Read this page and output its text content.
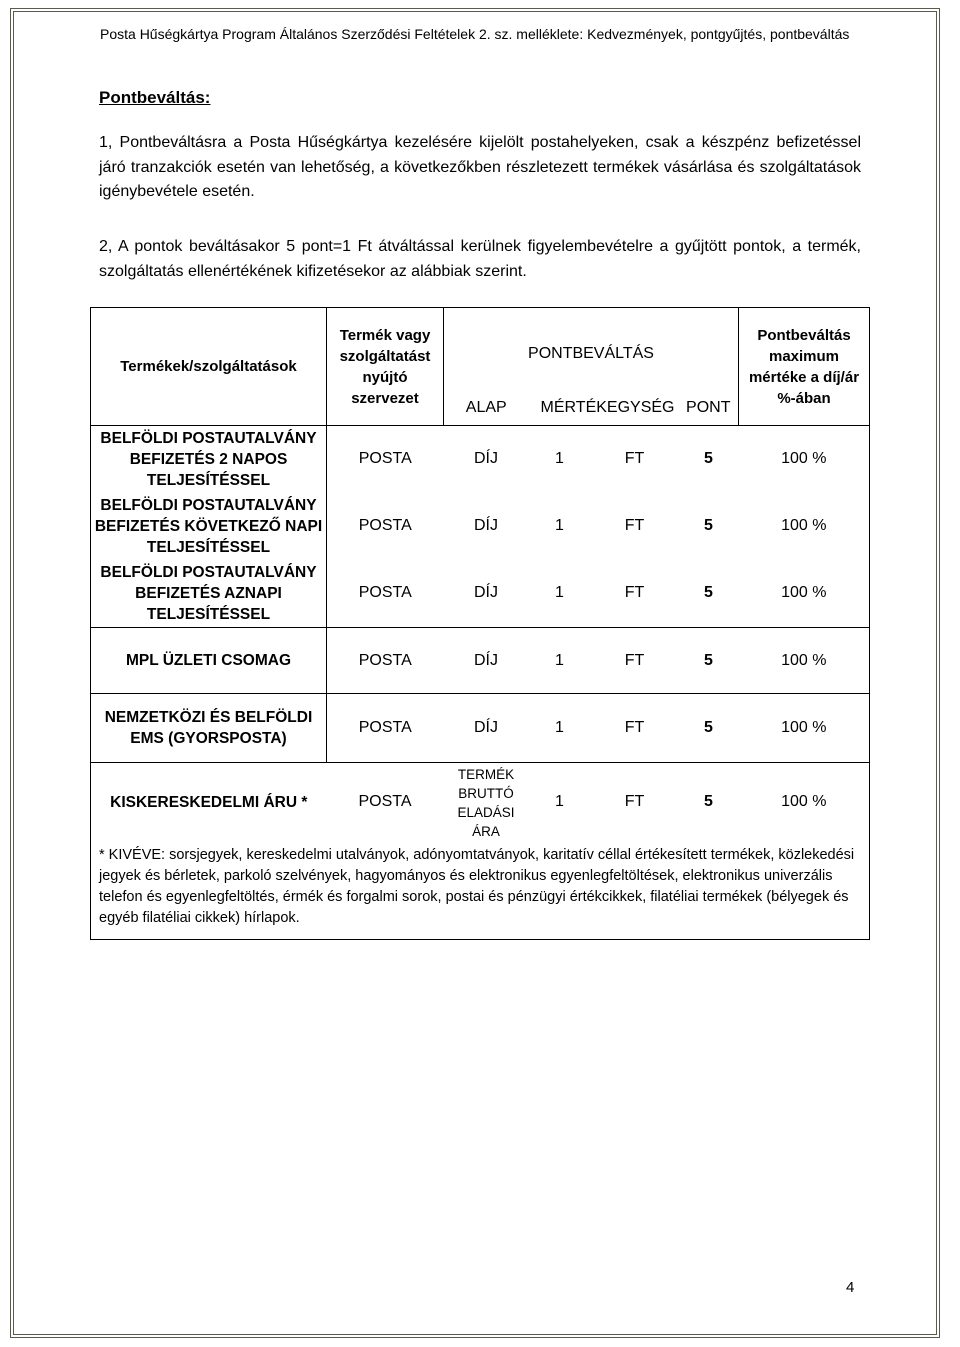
Posta Hűségkártya Program Általános Szerződési Feltételek 2. sz. melléklete: Kedvezmények, pontgyűjtés, pontbeváltás
Pontbeváltás:
1, Pontbeváltásra a Posta Hűségkártya kezelésére kijelölt postahelyeken, csak a készpénz befizetéssel járó tranzakciók esetén van lehetőség, a következőkben részletezett termékek vásárlása és szolgáltatások igénybevétele esetén.
2, A pontok beváltásakor 5 pont=1 Ft átváltással kerülnek figyelembevételre a gyűjtött pontok, a termék, szolgáltatás ellenértékének kifizetésekor az alábbiak szerint.
Termékek/szolgáltatások	Termék vagy szolgáltatást nyújtó szervezet	PONTBEVÁLTÁS				Pontbeváltás maximum mértéke a díj/ár %-ában
		ALAP	MÉRTÉKEGYSÉG		PONT	
BELFÖLDI POSTAUTALVÁNY BEFIZETÉS 2 NAPOS TELJESÍTÉSSEL	POSTA	DÍJ	1	FT	5	100 %
BELFÖLDI POSTAUTALVÁNY BEFIZETÉS KÖVETKEZŐ NAPI TELJESÍTÉSSEL	POSTA	DÍJ	1	FT	5	100 %
BELFÖLDI POSTAUTALVÁNY BEFIZETÉS AZNAPI TELJESÍTÉSSEL	POSTA	DÍJ	1	FT	5	100 %
MPL ÜZLETI CSOMAG	POSTA	DÍJ	1	FT	5	100 %
NEMZETKÖZI ÉS BELFÖLDI EMS (GYORSPOSTA)	POSTA	DÍJ	1	FT	5	100 %
KISKERESKEDELMI ÁRU *	POSTA	TERMÉK BRUTTÓ ELADÁSI ÁRA	1	FT	5	100 %
* KIVÉVE: sorsjegyek, kereskedelmi utalványok, adónyomtatványok, karitatív céllal értékesített termékek, közlekedési jegyek és bérletek, parkoló szelvények, hagyományos és elektronikus egyenlegfeltöltések, elektronikus univerzális telefon és egyenlegfeltöltés, érmék és forgalmi sorok, postai és pénzügyi értékcikkek, filatéliai termékek (bélyegek és egyéb filatéliai cikkek) hírlapok.						
4
